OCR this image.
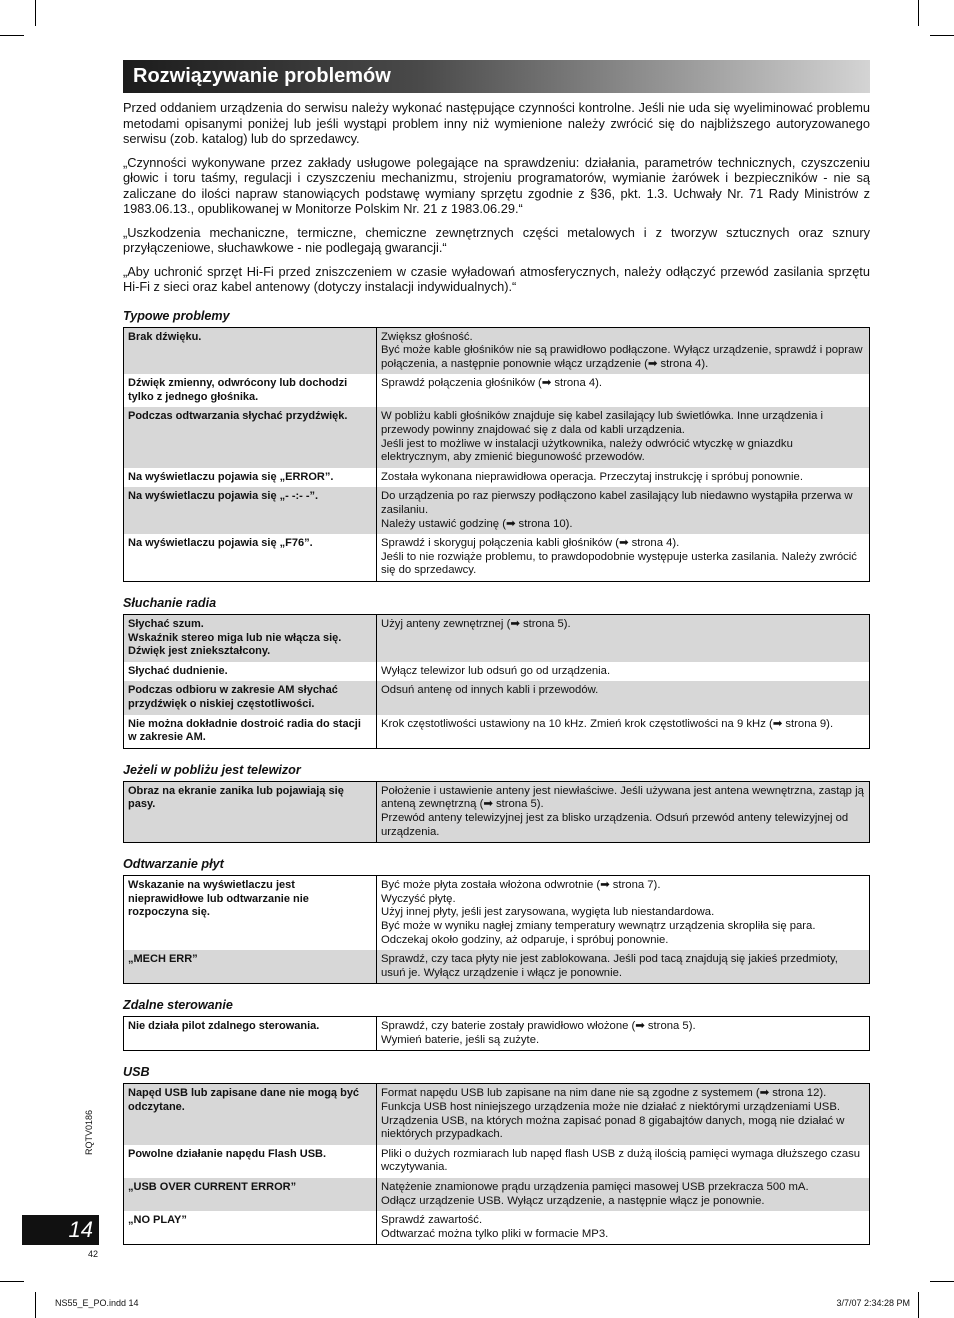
Rozwiązywanie problemów

Przed oddaniem urządzenia do serwisu należy wykonać następujące czynności kontrolne. Jeśli nie uda się wyeliminować problemu metodami opisanymi poniżej lub jeśli wystąpi problem inny niż wymienione należy zwrócić się do najbliższego autoryzowanego serwisu (zob. katalog) lub do sprzedawcy.

„Czynności wykonywane przez zakłady usługowe polegające na sprawdzeniu: działania, parametrów technicznych, czyszczeniu głowic i toru taśmy, regulacji i czyszczeniu mechanizmu, strojeniu programatorów, wymianie żarówek i bezpieczników - nie są zaliczane do ilości napraw stanowiących podstawę wymiany sprzętu zgodnie z §36, pkt. 1.3. Uchwały Nr. 71 Rady Ministrów z 1983.06.13., opublikowanej w Monitorze Polskim Nr. 21 z 1983.06.29.“

„Uszkodzenia mechaniczne, termiczne, chemiczne zewnętrznych części metalowych i z tworzyw sztucznych oraz sznury przyłączeniowe, słuchawkowe - nie podlegają gwarancji.“

„Aby uchronić sprzęt Hi-Fi przed zniszczeniem w czasie wyładowań atmosferycznych, należy odłączyć przewód zasilania sprzętu Hi-Fi z sieci oraz kabel antenowy (dotyczy instalacji indywidualnych).“

Typowe problemy
Brak dźwięku.	Zwiększ głośność.
Być może kable głośników nie są prawidłowo podłączone. Wyłącz urządzenie, sprawdź i popraw połączenia, a następnie ponownie włącz urządzenie (➡ strona 4).
Dźwięk zmienny, odwrócony lub dochodzi tylko z jednego głośnika.	Sprawdź połączenia głośników (➡ strona 4).
Podczas odtwarzania słychać przydźwięk.	W pobliżu kabli głośników znajduje się kabel zasilający lub świetlówka. Inne urządzenia i przewody powinny znajdować się z dala od kabli urządzenia.
Jeśli jest to możliwe w instalacji użytkownika, należy odwrócić wtyczkę w gniazdku elektrycznym, aby zmienić biegunowość przewodów.
Na wyświetlaczu pojawia się „ERROR”.	Została wykonana nieprawidłowa operacja. Przeczytaj instrukcję i spróbuj ponownie.
Na wyświetlaczu pojawia się „- -:- -”.	Do urządzenia po raz pierwszy podłączono kabel zasilający lub niedawno wystąpiła przerwa w zasilaniu.
Należy ustawić godzinę (➡ strona 10).
Na wyświetlaczu pojawia się „F76”.	Sprawdź i skoryguj połączenia kabli głośników (➡ strona 4).
Jeśli to nie rozwiąże problemu, to prawdopodobnie występuje usterka zasilania. Należy zwrócić się do sprzedawcy.
Słuchanie radia
Słychać szum.
Wskaźnik stereo miga lub nie włącza się.
Dźwięk jest zniekształcony.	Użyj anteny zewnętrznej (➡ strona 5).
Słychać dudnienie.	Wyłącz telewizor lub odsuń go od urządzenia.
Podczas odbioru w zakresie AM słychać przydźwięk o niskiej częstotliwości.	Odsuń antenę od innych kabli i przewodów.
Nie można dokładnie dostroić radia do stacji w zakresie AM.	Krok częstotliwości ustawiony na 10 kHz. Zmień krok częstotliwości na 9 kHz (➡ strona 9).
Jeżeli w pobliżu jest telewizor
Obraz na ekranie zanika lub pojawiają się pasy.	Położenie i ustawienie anteny jest niewłaściwe. Jeśli używana jest antena wewnętrzna, zastąp ją anteną zewnętrzną (➡ strona 5).
Przewód anteny telewizyjnej jest za blisko urządzenia. Odsuń przewód anteny telewizyjnej od urządzenia.
Odtwarzanie płyt
Wskazanie na wyświetlaczu jest nieprawidłowe lub odtwarzanie nie rozpoczyna się.	Być może płyta została włożona odwrotnie (➡ strona 7).
Wyczyść płytę.
Użyj innej płyty, jeśli jest zarysowana, wygięta lub niestandardowa.
Być może w wyniku nagłej zmiany temperatury wewnątrz urządzenia skropliła się para. Odczekaj około godziny, aż odparuje, i spróbuj ponownie.
„MECH ERR”	Sprawdź, czy taca płyty nie jest zablokowana. Jeśli pod tacą znajdują się jakieś przedmioty, usuń je. Wyłącz urządzenie i włącz je ponownie.
Zdalne sterowanie
Nie działa pilot zdalnego sterowania.	Sprawdź, czy baterie zostały prawidłowo włożone (➡ strona 5).
Wymień baterie, jeśli są zużyte.
USB
Napęd USB lub zapisane dane nie mogą być odczytane.	Format napędu USB lub zapisane na nim dane nie są zgodne z systemem (➡ strona 12).
Funkcja USB host niniejszego urządzenia może nie działać z niektórymi urządzeniami USB.
Urządzenia USB, na których można zapisać ponad 8 gigabajtów danych, mogą nie działać w niektórych przypadkach.
Powolne działanie napędu Flash USB.	Pliki o dużych rozmiarach lub napęd flash USB z dużą ilością pamięci wymaga dłuższego czasu wczytywania.
„USB OVER CURRENT ERROR”	Natężenie znamionowe prądu urządzenia pamięci masowej USB przekracza 500 mA.
Odłącz urządzenie USB. Wyłącz urządzenie, a następnie włącz je ponownie.
„NO PLAY”	Sprawdź zawartość.
Odtwarzać można tylko pliki w formacie MP3.
RQTV0186
14
42
NS55_E_PO.indd 14	3/7/07 2:34:28 PM
